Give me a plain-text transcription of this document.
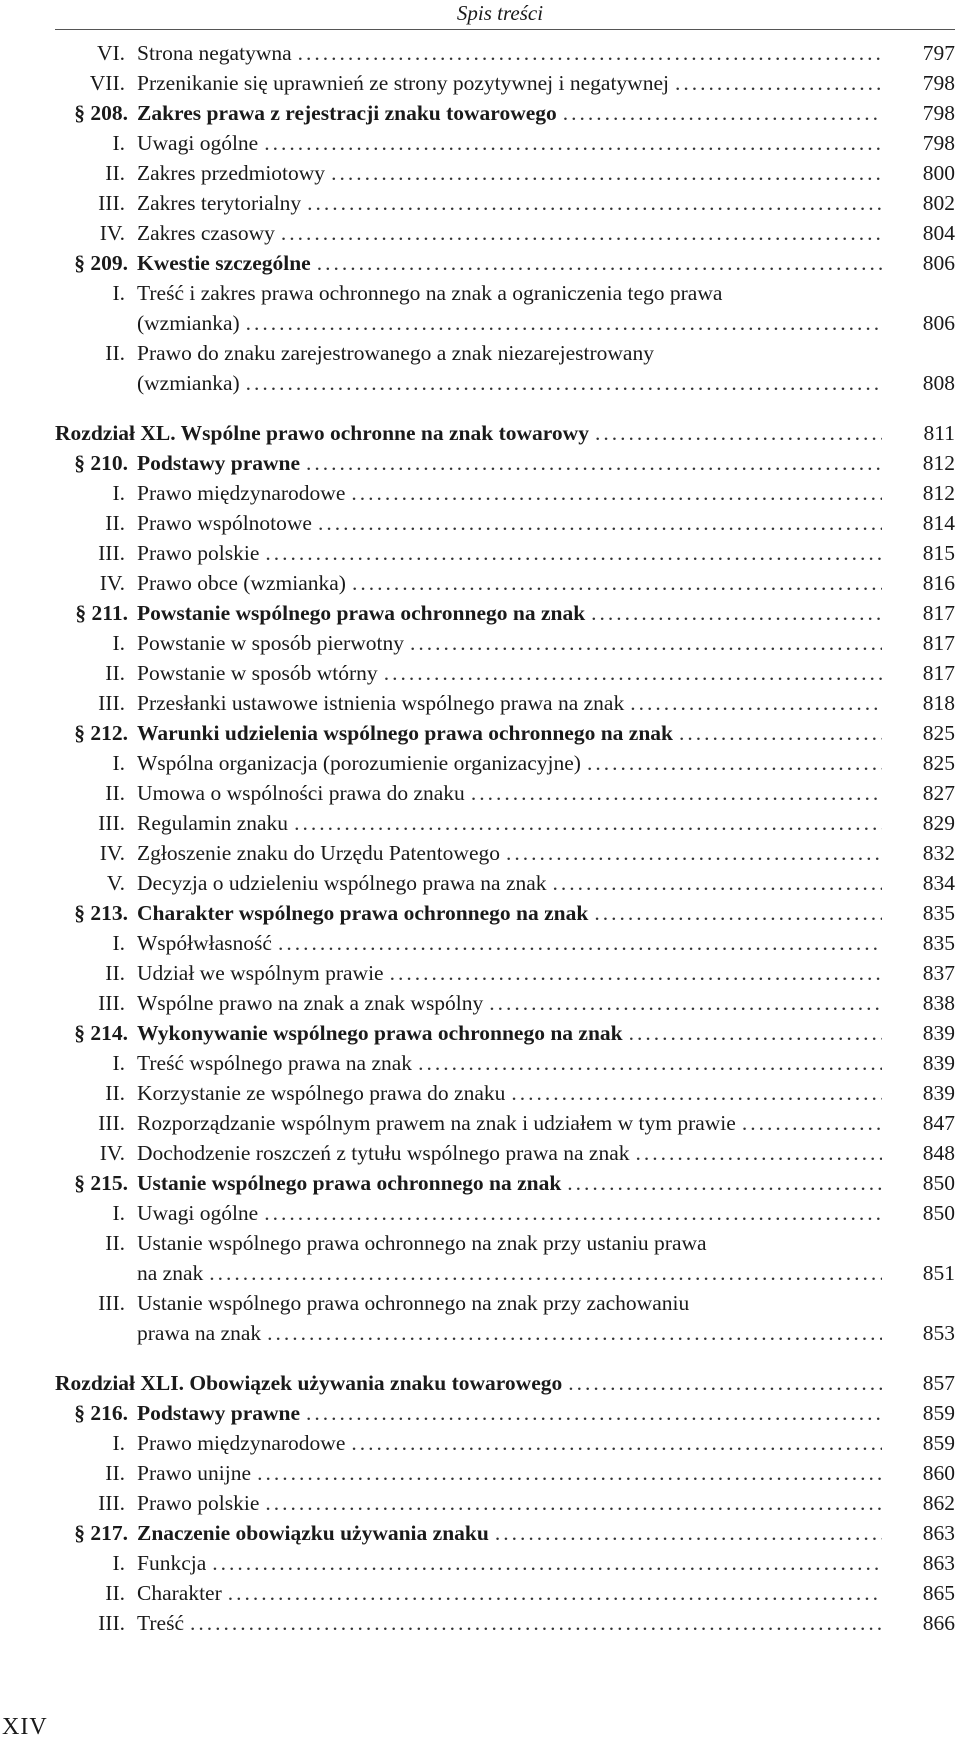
Spis treści
VI. Strona negatywna .....	797
VII. Przenikanie się uprawnień ze strony pozytywnej i negatywnej .....	798
§ 208. Zakres prawa z rejestracji znaku towarowego .....	798
I. Uwagi ogólne .....	798
II. Zakres przedmiotowy .....	800
III. Zakres terytorialny .....	802
IV. Zakres czasowy .....	804
§ 209. Kwestie szczególne .....	806
I. Treść i zakres prawa ochronnego na znak a ograniczenia tego prawa
(wzmianka) .....	806
II. Prawo do znaku zarejestrowanego a znak niezarejestrowany
(wzmianka) .....	808
Rozdział XL. Wspólne prawo ochronne na znak towarowy .....	811
§ 210. Podstawy prawne .....	812
I. Prawo międzynarodowe .....	812
II. Prawo wspólnotowe .....	814
III. Prawo polskie .....	815
IV. Prawo obce (wzmianka) .....	816
§ 211. Powstanie wspólnego prawa ochronnego na znak .....	817
I. Powstanie w sposób pierwotny .....	817
II. Powstanie w sposób wtórny .....	817
III. Przesłanki ustawowe istnienia wspólnego prawa na znak .....	818
§ 212. Warunki udzielenia wspólnego prawa ochronnego na znak .....	825
I. Wspólna organizacja (porozumienie organizacyjne) .....	825
II. Umowa o wspólności prawa do znaku .....	827
III. Regulamin znaku .....	829
IV. Zgłoszenie znaku do Urzędu Patentowego .....	832
V. Decyzja o udzieleniu wspólnego prawa na znak .....	834
§ 213. Charakter wspólnego prawa ochronnego na znak .....	835
I. Współwłasność .....	835
II. Udział we wspólnym prawie .....	837
III. Wspólne prawo na znak a znak wspólny .....	838
§ 214. Wykonywanie wspólnego prawa ochronnego na znak .....	839
I. Treść wspólnego prawa na znak .....	839
II. Korzystanie ze wspólnego prawa do znaku .....	839
III. Rozporządzanie wspólnym prawem na znak i udziałem w tym prawie .....	847
IV. Dochodzenie roszczeń z tytułu wspólnego prawa na znak .....	848
§ 215. Ustanie wspólnego prawa ochronnego na znak .....	850
I. Uwagi ogólne .....	850
II. Ustanie wspólnego prawa ochronnego na znak przy ustaniu prawa
na znak .....	851
III. Ustanie wspólnego prawa ochronnego na znak przy zachowaniu
prawa na znak .....	853
Rozdział XLI. Obowiązek używania znaku towarowego .....	857
§ 216. Podstawy prawne .....	859
I. Prawo międzynarodowe .....	859
II. Prawo unijne .....	860
III. Prawo polskie .....	862
§ 217. Znaczenie obowiązku używania znaku .....	863
I. Funkcja .....	863
II. Charakter .....	865
III. Treść .....	866
XIV
